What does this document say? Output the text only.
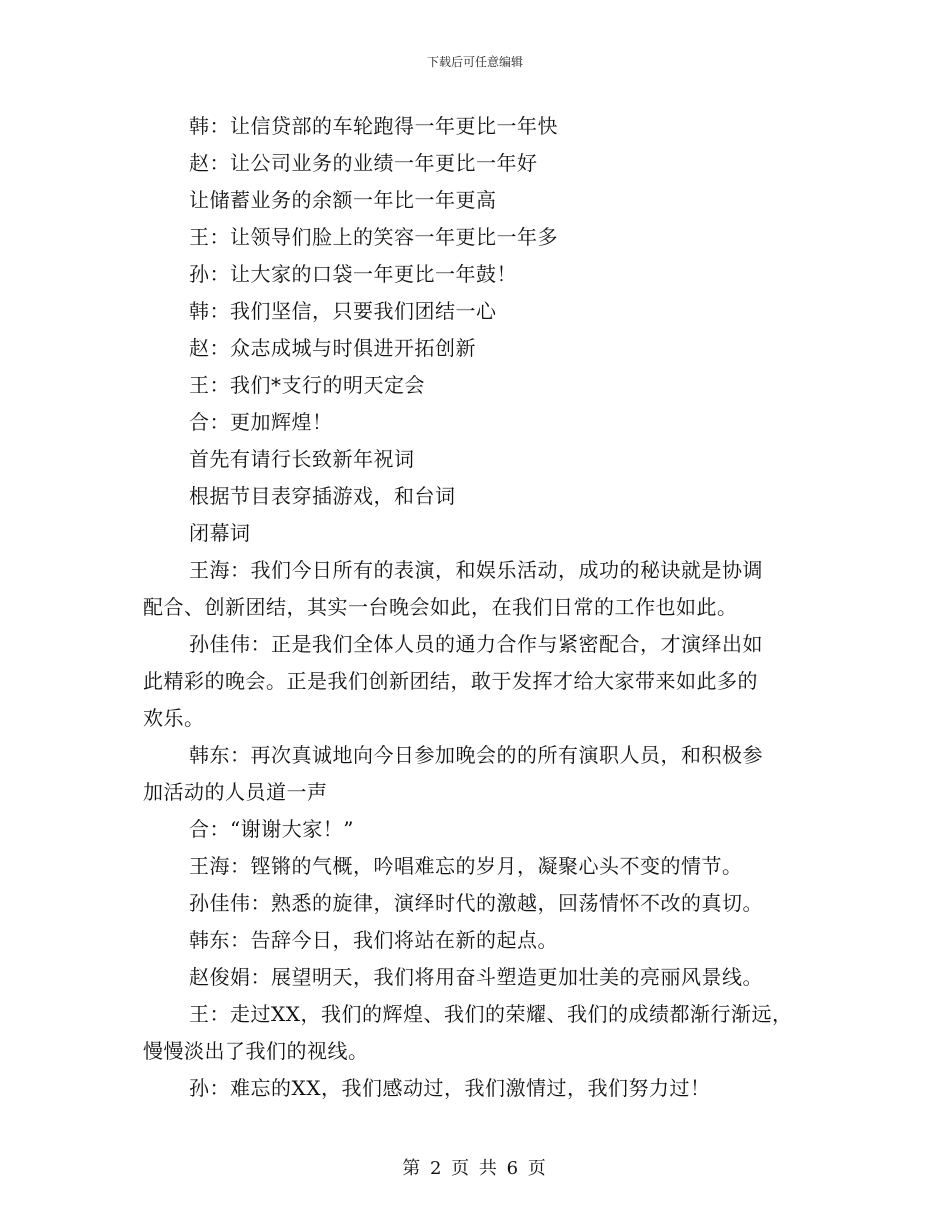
下载后可任意编辑
韩：让信贷部的车轮跑得一年更比一年快
赵：让公司业务的业绩一年更比一年好
让储蓄业务的余额一年比一年更高
王：让领导们脸上的笑容一年更比一年多
孙：让大家的口袋一年更比一年鼓！
韩：我们坚信，只要我们团结一心
赵：众志成城与时俱进开拓创新
王：我们*支行的明天定会
合：更加辉煌！
首先有请行长致新年祝词
根据节目表穿插游戏，和台词
闭幕词
王海：我们今日所有的表演，和娱乐活动，成功的秘诀就是协调
配合、创新团结，其实一台晚会如此，在我们日常的工作也如此。
孙佳伟：正是我们全体人员的通力合作与紧密配合，才演绎出如
此精彩的晚会。正是我们创新团结，敢于发挥才给大家带来如此多的
欢乐。
韩东：再次真诚地向今日参加晚会的的所有演职人员，和积极参
加活动的人员道一声
合：“谢谢大家！”
王海：铿锵的气概，吟唱难忘的岁月，凝聚心头不变的情节。
孙佳伟：熟悉的旋律，演绎时代的激越，回荡情怀不改的真切。
韩东：告辞今日，我们将站在新的起点。
赵俊娟：展望明天，我们将用奋斗塑造更加壮美的亮丽风景线。
王：走过XX，我们的辉煌、我们的荣耀、我们的成绩都渐行渐远，
慢慢淡出了我们的视线。
孙：难忘的XX，我们感动过，我们激情过，我们努力过！
第 2 页 共 6 页
